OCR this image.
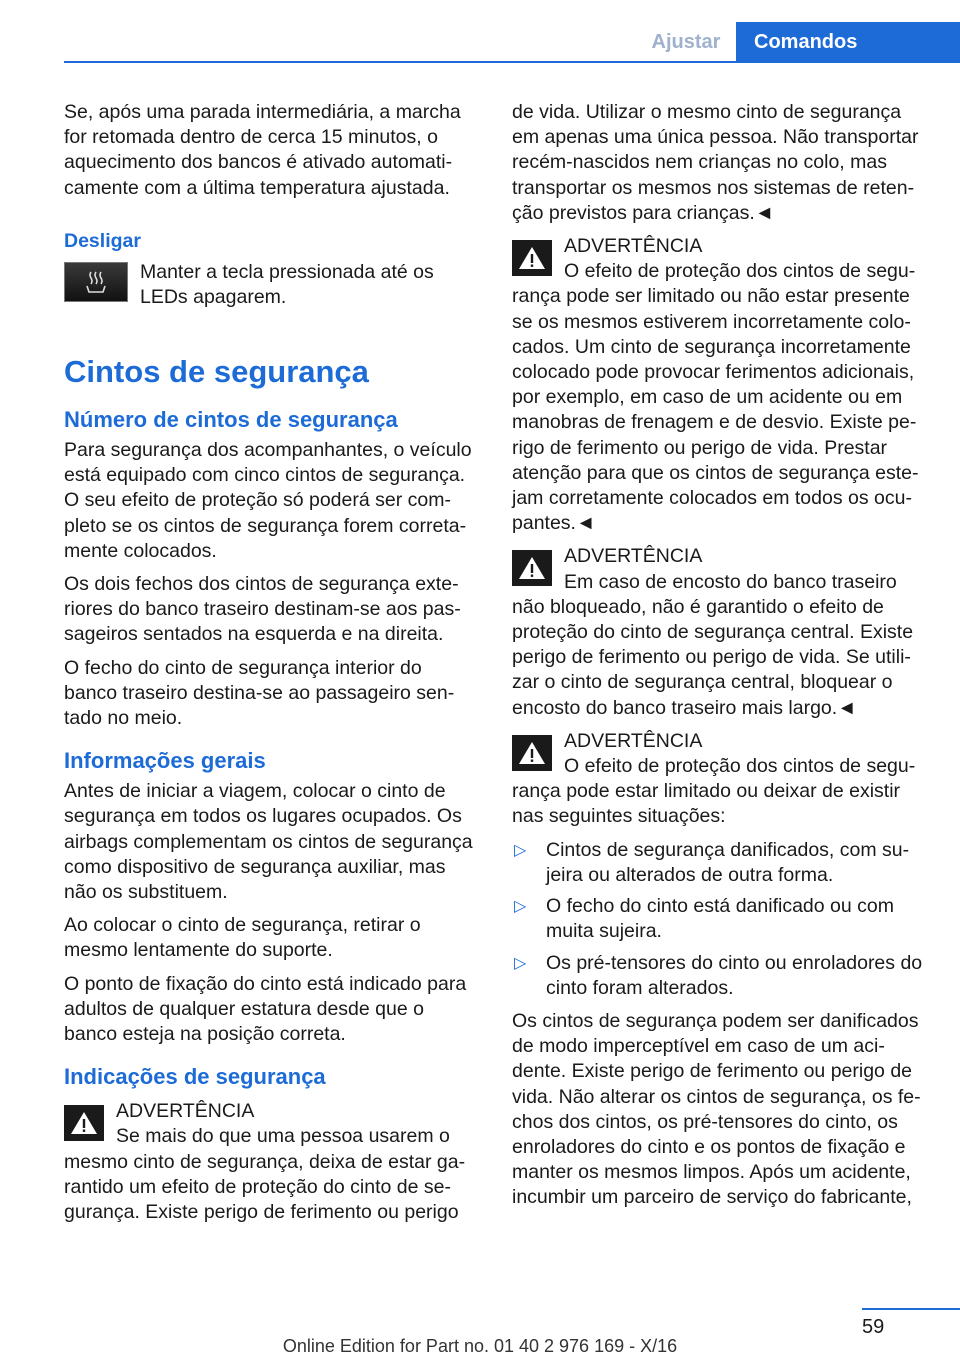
Ajustar	Comandos

Se, após uma parada intermediária, a marcha for retomada dentro de cerca 15 minutos, o aquecimento dos bancos é ativado automaticamente com a última temperatura ajustada.

Desligar
Manter a tecla pressionada até os LEDs apagarem.
Cintos de segurança
Número de cintos de segurança

Para segurança dos acompanhantes, o veículo está equipado com cinco cintos de segurança. O seu efeito de proteção só poderá ser completo se os cintos de segurança forem corretamente colocados.

Os dois fechos dos cintos de segurança exteriores do banco traseiro destinam-se aos passageiros sentados na esquerda e na direita.

O fecho do cinto de segurança interior do banco traseiro destina-se ao passageiro sentado no meio.

Informações gerais

Antes de iniciar a viagem, colocar o cinto de segurança em todos os lugares ocupados. Os airbags complementam os cintos de segurança como dispositivo de segurança auxiliar, mas não os substituem.

Ao colocar o cinto de segurança, retirar o mesmo lentamente do suporte.

O ponto de fixação do cinto está indicado para adultos de qualquer estatura desde que o banco esteja na posição correta.

Indicações de segurança
ADVERTÊNCIA
Se mais do que uma pessoa usarem o mesmo cinto de segurança, deixa de estar garantido um efeito de proteção do cinto de segurança. Existe perigo de ferimento ou perigo

de vida. Utilizar o mesmo cinto de segurança em apenas uma única pessoa. Não transportar recém-nascidos nem crianças no colo, mas transportar os mesmos nos sistemas de retenção previstos para crianças.◄

ADVERTÊNCIA
O efeito de proteção dos cintos de segurança pode ser limitado ou não estar presente se os mesmos estiverem incorretamente colocados. Um cinto de segurança incorretamente colocado pode provocar ferimentos adicionais, por exemplo, em caso de um acidente ou em manobras de frenagem e de desvio. Existe perigo de ferimento ou perigo de vida. Prestar atenção para que os cintos de segurança estejam corretamente colocados em todos os ocupantes.◄
ADVERTÊNCIA
Em caso de encosto do banco traseiro não bloqueado, não é garantido o efeito de proteção do cinto de segurança central. Existe perigo de ferimento ou perigo de vida. Se utilizar o cinto de segurança central, bloquear o encosto do banco traseiro mais largo.◄
ADVERTÊNCIA
O efeito de proteção dos cintos de segurança pode estar limitado ou deixar de existir nas seguintes situações:
▷ Cintos de segurança danificados, com sujeira ou alterados de outra forma.
▷ O fecho do cinto está danificado ou com muita sujeira.
▷ Os pré-tensores do cinto ou enroladores do cinto foram alterados.

Os cintos de segurança podem ser danificados de modo imperceptível em caso de um acidente. Existe perigo de ferimento ou perigo de vida. Não alterar os cintos de segurança, os fechos dos cintos, os pré-tensores do cinto, os enroladores do cinto e os pontos de fixação e manter os mesmos limpos. Após um acidente, incumbir um parceiro de serviço do fabricante,

59
Online Edition for Part no. 01 40 2 976 169 - X/16
